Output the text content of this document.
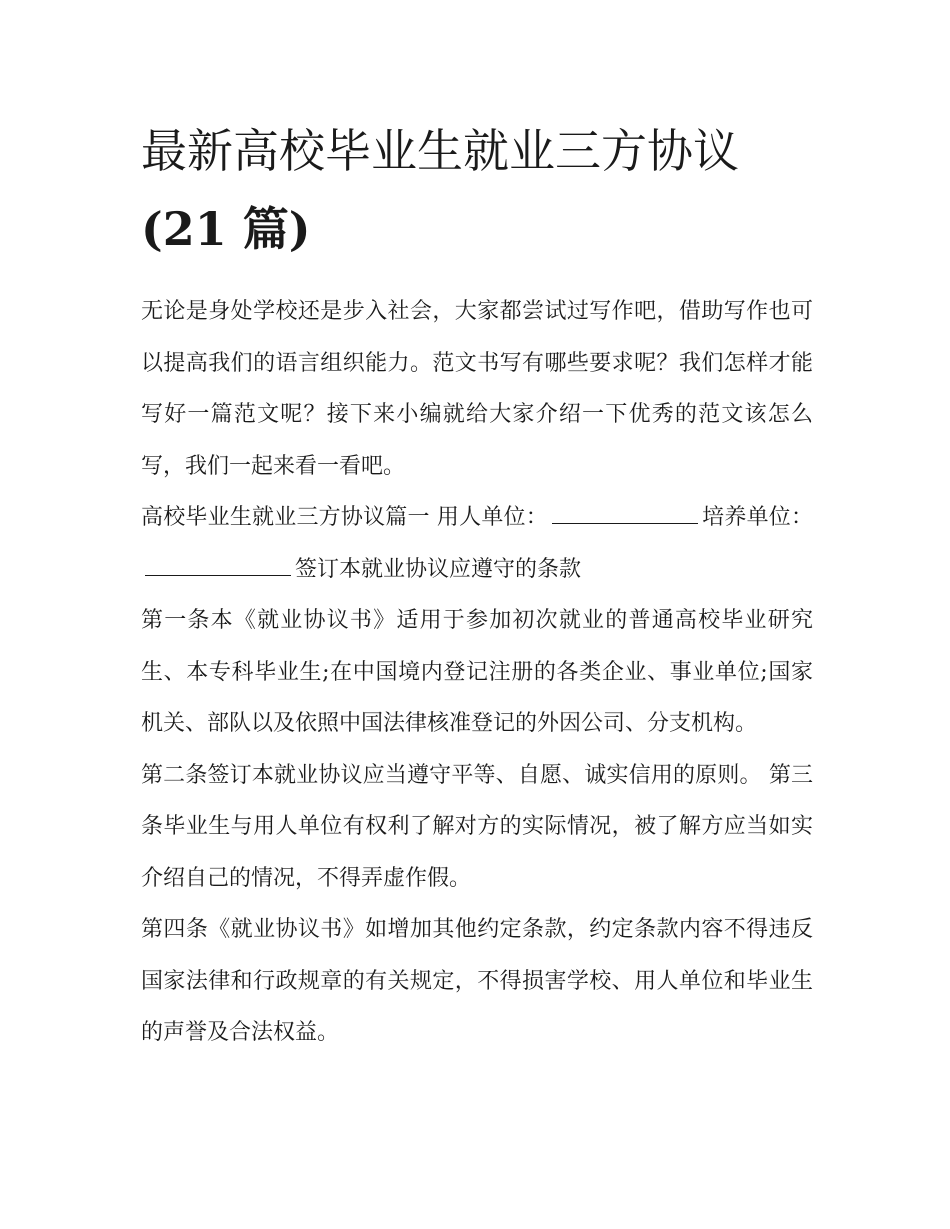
最新高校毕业生就业三方协议
(21 篇)

无论是身处学校还是步入社会，大家都尝试过写作吧，借助写作也可以提高我们的语言组织能力。范文书写有哪些要求呢？我们怎样才能写好一篇范文呢？接下来小编就给大家介绍一下优秀的范文该怎么写，我们一起来看一看吧。

高校毕业生就业三方协议篇一 用人单位：	培养单位：签订本就业协议应遵守的条款

第一条本《就业协议书》适用于参加初次就业的普通高校毕业研究生、本专科毕业生;在中国境内登记注册的各类企业、事业单位;国家机关、部队以及依照中国法律核准登记的外因公司、分支机构。

第二条签订本就业协议应当遵守平等、自愿、诚实信用的原则。 第三条毕业生与用人单位有权利了解对方的实际情况，被了解方应当如实介绍自己的情况，不得弄虚作假。

第四条《就业协议书》如增加其他约定条款，约定条款内容不得违反国家法律和行政规章的有关规定，不得损害学校、用人单位和毕业生的声誉及合法权益。
